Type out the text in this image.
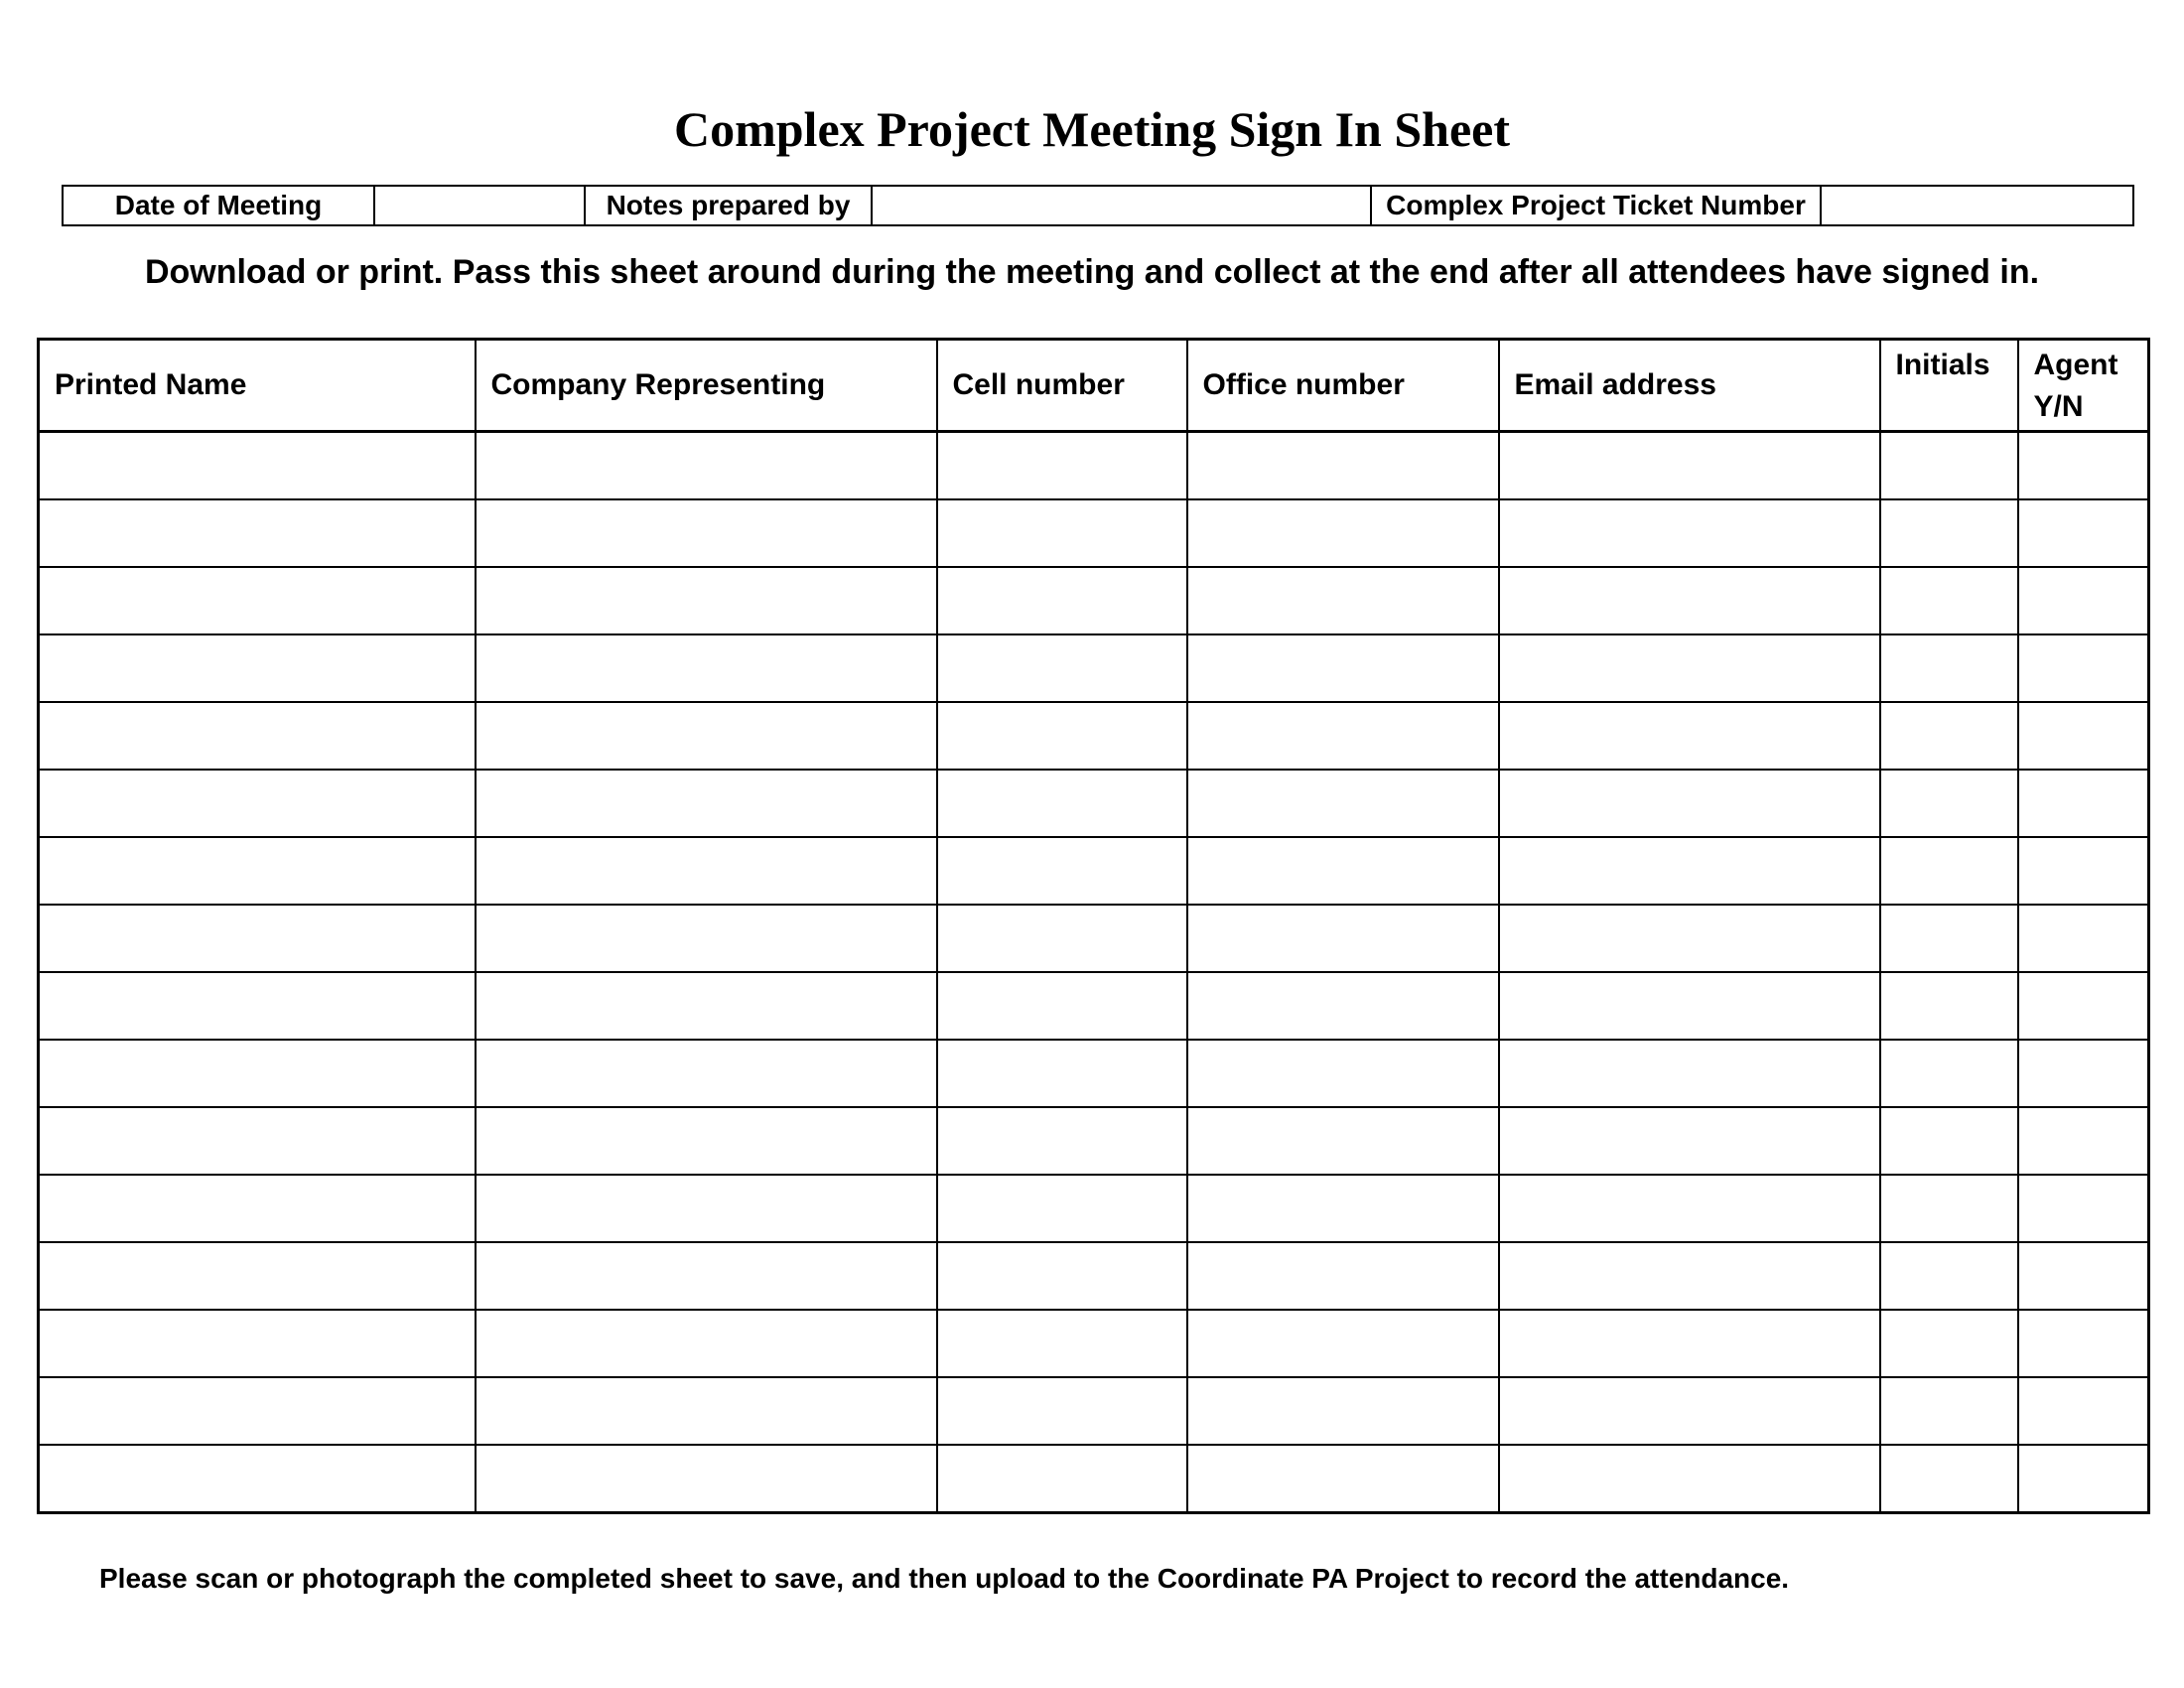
Complex Project Meeting Sign In Sheet
Date of Meeting		Notes prepared by		Complex Project Ticket Number	

Download or print. Pass this sheet around during the meeting and collect at the end after all attendees have signed in.

Printed Name	Company Representing	Cell number	Office number	Email address	Initials	Agent Y/N

Please scan or photograph the completed sheet to save, and then upload to the Coordinate PA Project to record the attendance.
